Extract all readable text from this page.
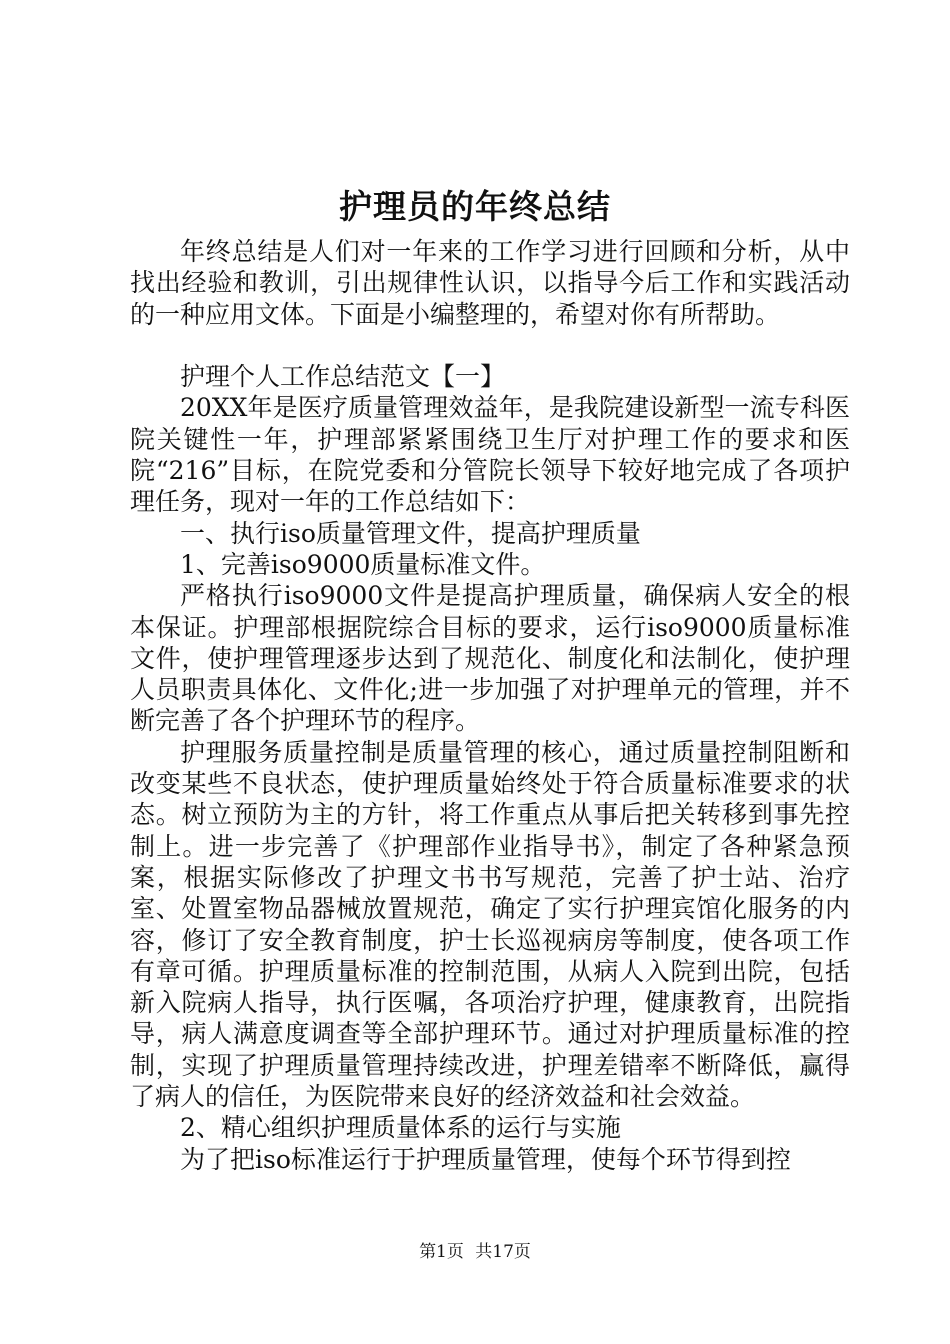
护理员的年终总结

年终总结是人们对一年来的工作学习进行回顾和分析，从中找出经验和教训，引出规律性认识，以指导今后工作和实践活动的一种应用文体。下面是小编整理的，希望对你有所帮助。

护理个人工作总结范文【一】

20XX年是医疗质量管理效益年，是我院建设新型一流专科医院关键性一年，护理部紧紧围绕卫生厅对护理工作的要求和医院“216”目标，在院党委和分管院长领导下较好地完成了各项护理任务，现对一年的工作总结如下：

一、执行iso质量管理文件，提高护理质量

1、完善iso9000质量标准文件。

严格执行iso9000文件是提高护理质量，确保病人安全的根本保证。护理部根据院综合目标的要求，运行iso9000质量标准文件，使护理管理逐步达到了规范化、制度化和法制化，使护理人员职责具体化、文件化;进一步加强了对护理单元的管理，并不断完善了各个护理环节的程序。

护理服务质量控制是质量管理的核心，通过质量控制阻断和改变某些不良状态，使护理质量始终处于符合质量标准要求的状态。树立预防为主的方针，将工作重点从事后把关转移到事先控制上。进一步完善了《护理部作业指导书》，制定了各种紧急预案，根据实际修改了护理文书书写规范，完善了护士站、治疗室、处置室物品器械放置规范，确定了实行护理宾馆化服务的内容，修订了安全教育制度，护士长巡视病房等制度，使各项工作有章可循。护理质量标准的控制范围，从病人入院到出院，包括新入院病人指导，执行医嘱，各项治疗护理，健康教育，出院指导，病人满意度调查等全部护理环节。通过对护理质量标准的控制，实现了护理质量管理持续改进，护理差错率不断降低，赢得了病人的信任，为医院带来良好的经济效益和社会效益。

2、精心组织护理质量体系的运行与实施

为了把iso标准运行于护理质量管理，使每个环节得到控

第1页 共17页
